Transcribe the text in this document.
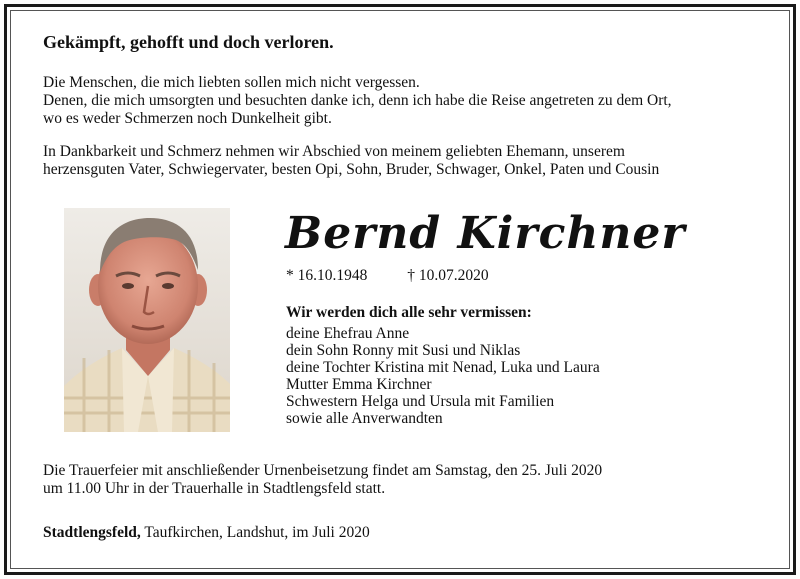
Gekämpft, gehofft und doch verloren.

Die Menschen, die mich liebten sollen mich nicht vergessen.

Denen, die mich umsorgten und besuchten danke ich, denn ich habe die Reise angetreten zu dem Ort,

wo es weder Schmerzen noch Dunkelheit gibt.

In Dankbarkeit und Schmerz nehmen wir Abschied von meinem geliebten Ehemann, unserem

herzensguten Vater, Schwiegervater, besten Opi, Sohn, Bruder, Schwager, Onkel, Paten und Cousin

Bernd Kirchner
* 16.10.1948	† 10.07.2020
Wir werden dich alle sehr vermissen:
deine Ehefrau Anne
dein Sohn Ronny mit Susi und Niklas
deine Tochter Kristina mit Nenad, Luka und Laura
Mutter Emma Kirchner
Schwestern Helga und Ursula mit Familien
sowie alle Anverwandten

Die Trauerfeier mit anschließender Urnenbeisetzung findet am Samstag, den 25. Juli 2020

um 11.00 Uhr in der Trauerhalle in Stadtlengsfeld statt.

Stadtlengsfeld, Taufkirchen, Landshut, im Juli 2020
